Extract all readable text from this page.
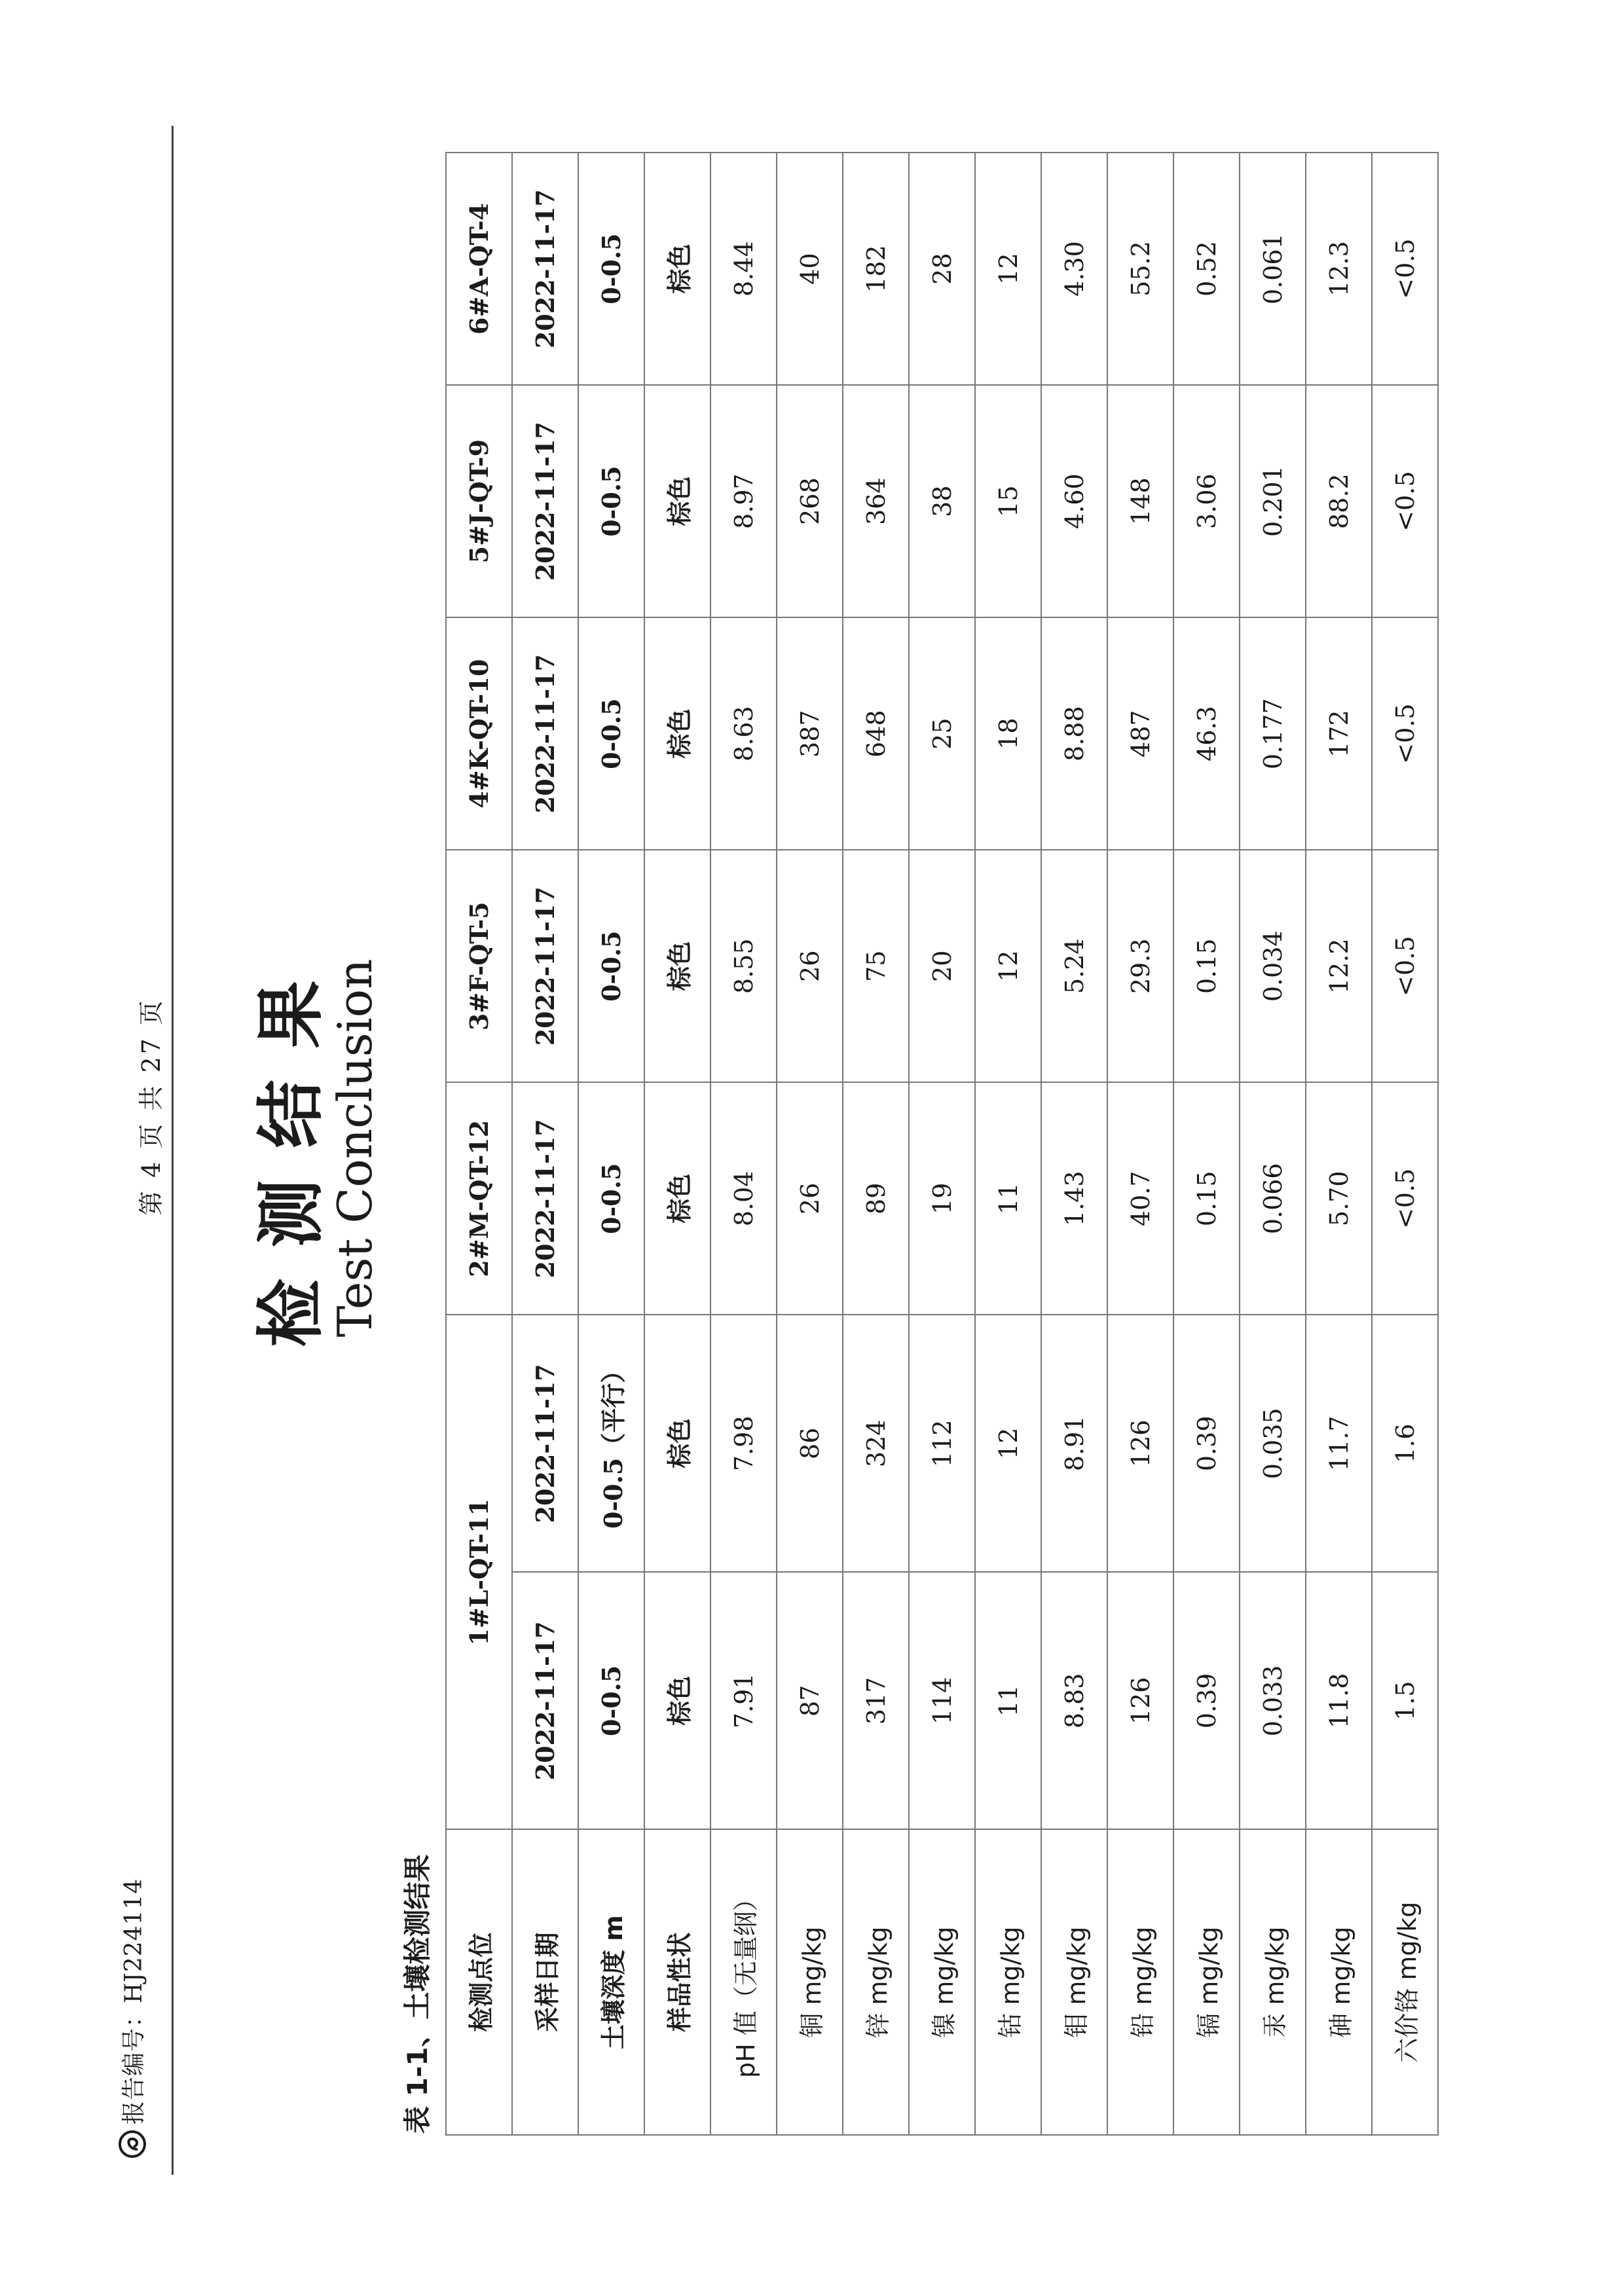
报告编号：HJ224114
第 4 页 共 27 页 检测结果
Test Conclusion
表 1-1、土壤检测结果 检测点位	1#L-QT-11		2#M-QT-12	3#F-QT-5	4#K-QT-10	5#J-QT-9	6#A-QT-4
采样日期	2022-11-17	2022-11-17	2022-11-17	2022-11-17	2022-11-17	2022-11-17	2022-11-17
土壤深度 m	0-0.5	0-0.5（平行）	0-0.5	0-0.5	0-0.5	0-0.5	0-0.5
样品性状	棕色	棕色	棕色	棕色	棕色	棕色	棕色
pH 值（无量纲）	7.91	7.98	8.04	8.55	8.63	8.97	8.44
铜 mg/kg	87	86	26	26	387	268	40
锌 mg/kg	317	324	89	75	648	364	182
镍 mg/kg	114	112	19	20	25	38	28
钴 mg/kg	11	12	11	12	18	15	12
钼 mg/kg	8.83	8.91	1.43	5.24	8.88	4.60	4.30
铅 mg/kg	126	126	40.7	29.3	487	148	55.2
镉 mg/kg	0.39	0.39	0.15	0.15	46.3	3.06	0.52
汞 mg/kg	0.033	0.035	0.066	0.034	0.177	0.201	0.061
砷 mg/kg	11.8	11.7	5.70	12.2	172	88.2	12.3
六价铬 mg/kg	1.5	1.6	<0.5	<0.5	<0.5	<0.5	<0.5
